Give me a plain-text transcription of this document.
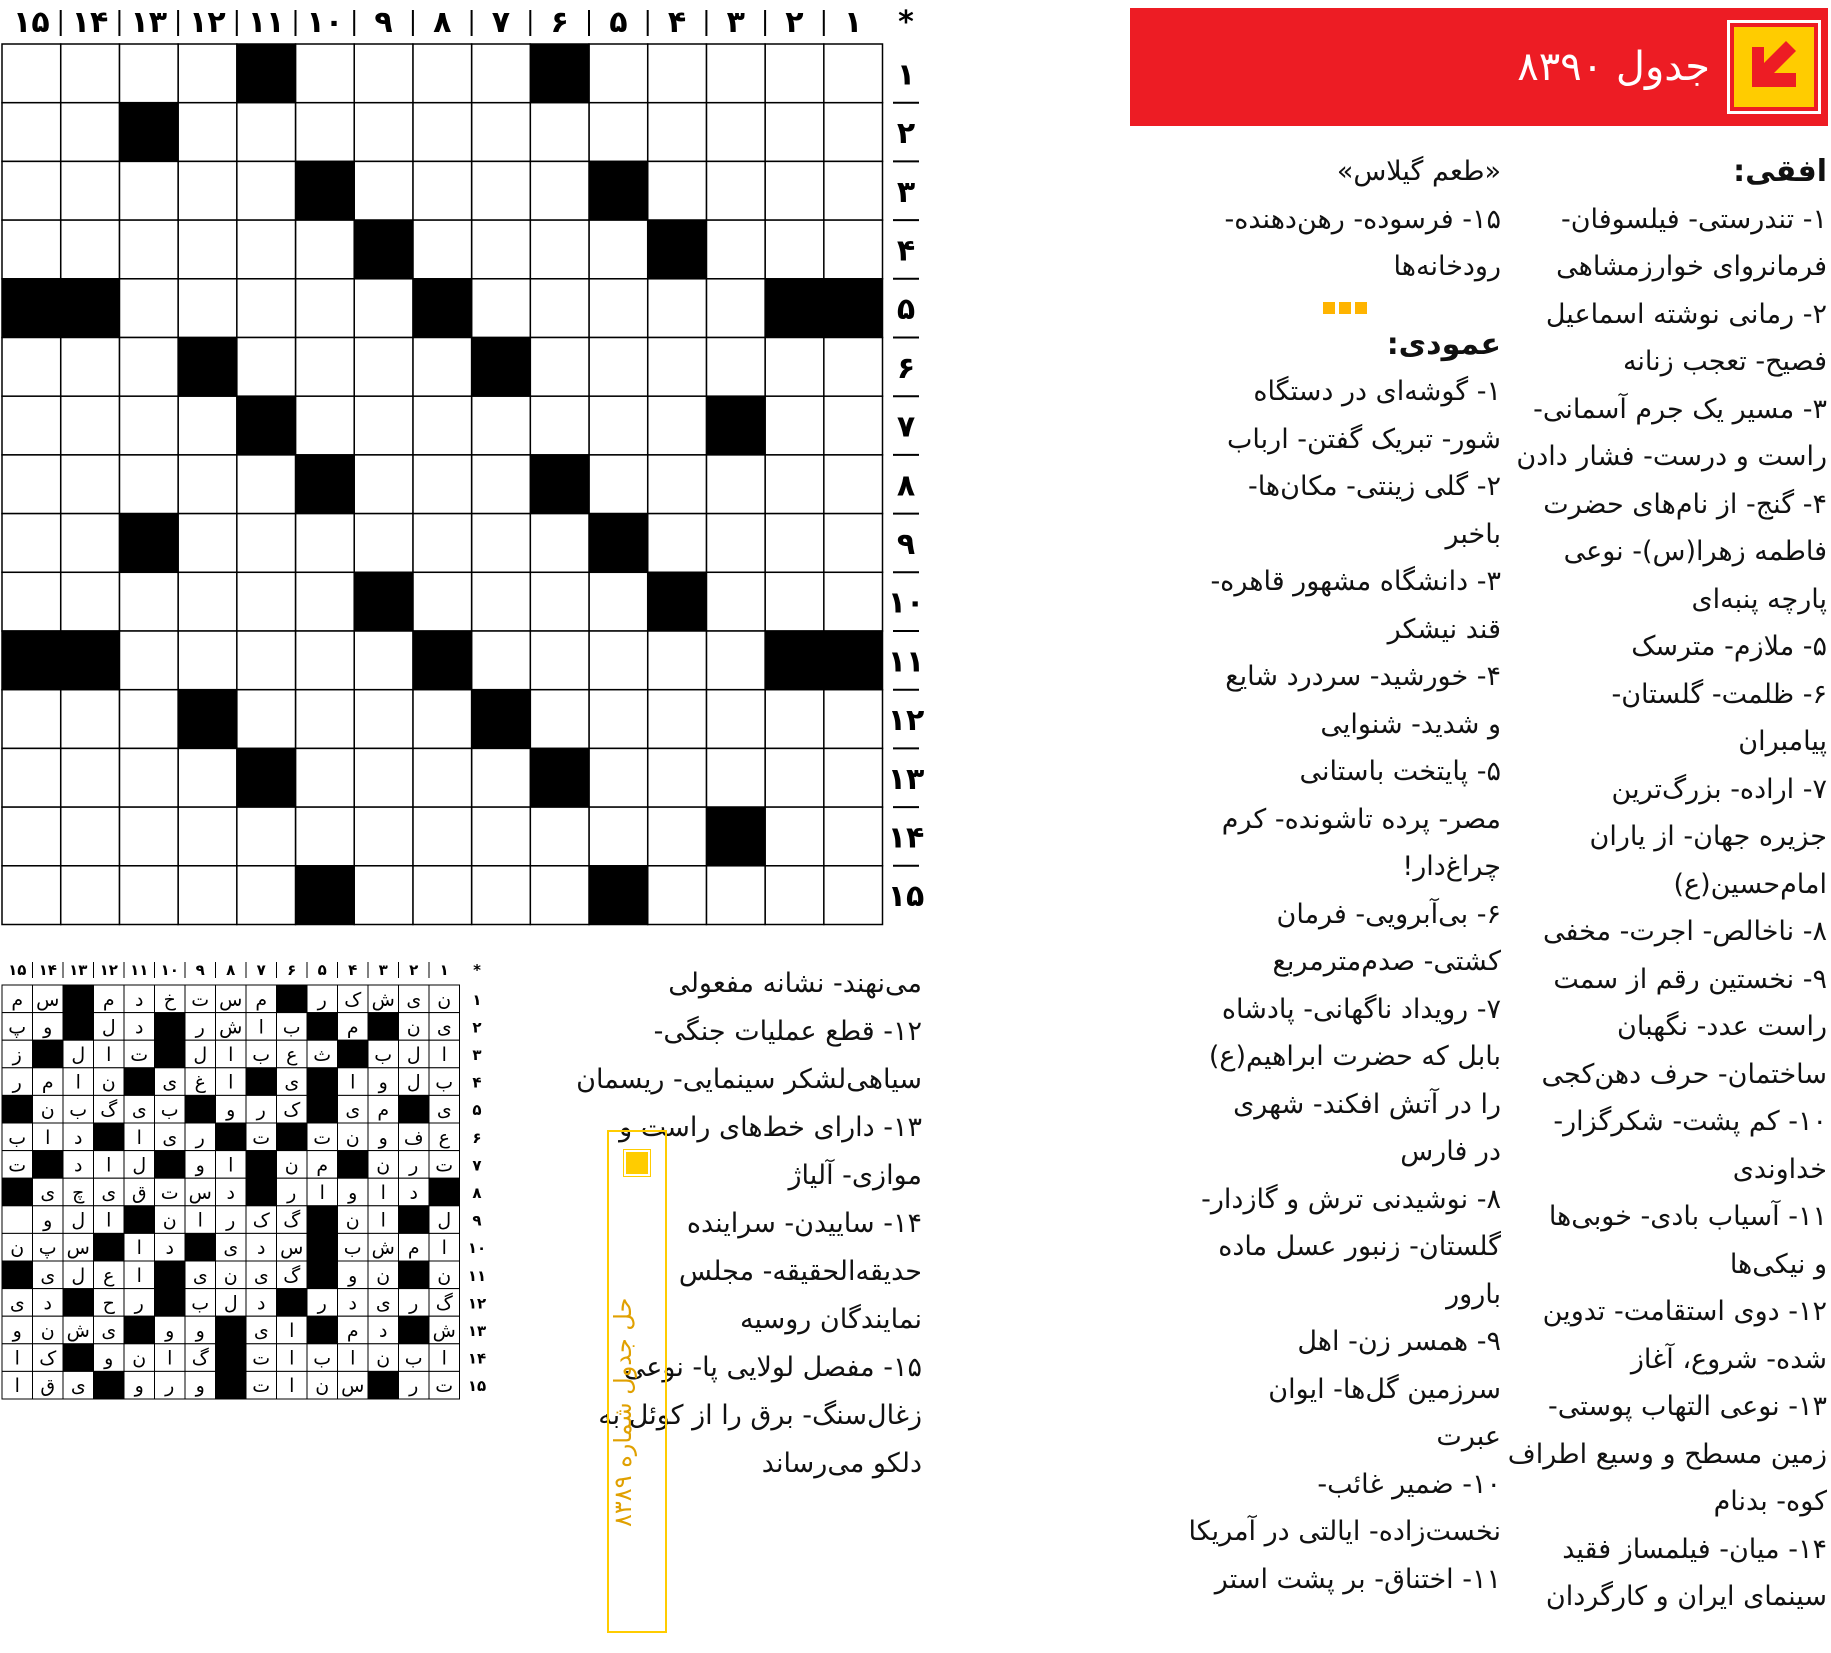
۱
۲
۳
۴
۵
۶
۷
۸
۹
۱۰
۱۱
۱۲
۱۳
۱۴
۱۵	*
۱
۲
۳
۴
۵
۶
۷
۸
۹
۱۰
۱۱
۱۲
۱۳
۱۴
۱۵
جدول ۸۳۹۰
افقی:
۱- تندرستی- فیلسوفان-
فرمانروای خوارزمشاهی
۲- رمانی نوشته اسماعیل
فصیح- تعجب زنانه
۳- مسیر یک جرم آسمانی-
راست و درست- فشار دادن
۴- گنج- از نام‌های حضرت
فاطمه زهرا(س)- نوعی
پارچه پنبه‌ای
۵- ملازم- مترسک
۶- ظلمت- گلستان-
پیامبران
۷- اراده- بزرگ‌ترین
جزیره جهان- از یاران
امام‌حسین(ع)
۸- ناخالص- اجرت- مخفی
۹- نخستین رقم از سمت
راست عدد- نگهبان
ساختمان- حرف دهن‌کجی
۱۰- کم پشت- شکرگزار-
خداوندی
۱۱- آسیاب بادی- خوبی‌ها
و نیکی‌ها
۱۲- دوی استقامت- تدوین
شده- شروع، آغاز
۱۳- نوعی التهاب پوستی-
زمین مسطح و وسیع اطراف
کوه- بدنام
۱۴- میان- فیلمساز فقید
سینمای ایران و کارگردان
«طعم گیلاس»
۱۵- فرسوده- رهن‌دهنده-
رودخانه‌ها
عمودی:
۱- گوشه‌ای در دستگاه
شور- تبریک گفتن- ارباب
۲- گلی زینتی- مکان‌ها-
باخبر
۳- دانشگاه مشهور قاهره-
قند نیشکر
۴- خورشید- سردرد شایع
و شدید- شنوایی
۵- پایتخت باستانی
مصر- پرده تاشونده- کرم
چراغ‌دار!
۶- بی‌آبرویی- فرمان
کشتی- صدم‌متر‌مربع
۷- رویداد ناگهانی- پادشاه
بابل که حضرت ابراهیم(ع)
را در آتش افکند- شهری
در فارس
۸- نوشیدنی ترش و گازدار-
گلستان- زنبور عسل ماده
بارور
۹- همسر زن- اهل
سرزمین گل‌ها- ایوان
عبرت
۱۰- ضمیر غائب-
نخست‌زاده- ایالتی در آمریکا
۱۱- اختناق- بر پشت استر
می‌نهند- نشانه مفعولی
۱۲- قطع عملیات جنگی-
سیاهی‌لشکر سینمایی- ریسمان
۱۳- دارای خط‌های راست و
موازی- آلیاژ
۱۴- ساییدن- سراینده
حدیقه‌الحقیقه- مجلس
نمایندگان روسیه
۱۵- مفصل لولایی پا- نوعی
زغال‌سنگ- برق را از کوئل به
دلکو می‌رساند
حل جدول شماره ۸۳۸۹
ن
ی
ش
ک
ر
م
س
ت
خ
د
م
س
م
ی
ن
م
ب
ا
ش
ر
د
ل
و
پ
ا
ل
ب
ث
ع
ب
ا
ل
ت
ا
ل
ز
ب
ل
و
ا
ی
ا
غ
ی
ن
ا
م
ر
ی
م
ی
ک
ر
و
ب
ی
گ
ب
ن
ع
ف
و
ن
ت
ت
ر
ی
ا
د
ا
ب
ت
ر
ن
م
ن
ا
و
ل
ا
د
ت
د
ا
و
ا
ر
د
س
ت
ق
ی
چ
ی
ل
ا
ن
گ
ک
ر
ا
ن
ا
ل
و
ا
م
ش
ب
س
د
ی
د
ا
س
پ
ن
ن
ن
و
گ
ی
ن
ی
ا
ع
ل
ی
گ
ر
ی
د
ر
د
ل
ب
ر
ح
د
ی
ش
د
م
ا
ی
و
و
ی
ش
ن
و
ا
ب
ن
ا
ب
ا
ت
گ
ا
ن
و
ک
ا
ت
ر
س
ن
ا
ت
و
ر
و
ی
ق
ا
۱
۲
۳
۴
۵
۶
۷
۸
۹
۱۰
۱۱
۱۲
۱۳
۱۴
۱۵	*
۱
۲
۳
۴
۵
۶
۷
۸
۹
۱۰
۱۱
۱۲
۱۳
۱۴
۱۵
